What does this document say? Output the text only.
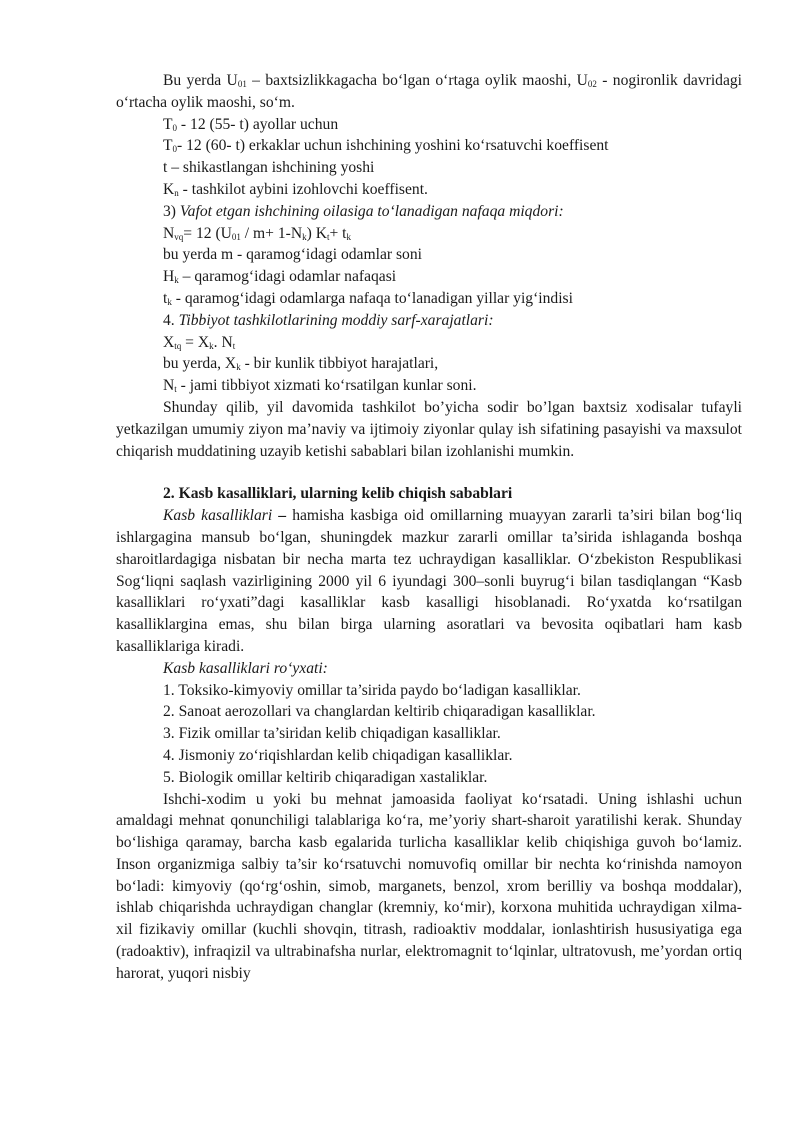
Bu yerda $U_{01}$ – baxtsizlikkagacha bo‘lgan o‘rtaga oylik maoshi, $U_{02}$ - nogironlik davridagi o‘rtacha oylik maoshi, so‘m.
$T_0 - 12$ (55- t) ayollar uchun
$T_0-$ 12 (60- t) erkaklar uchun ishchining yoshini ko‘rsatuvchi koeffisent
t – shikastlangan ishchining yoshi
$K_n$ - tashkilot aybini izohlovchi koeffisent.
3) Vafot etgan ishchining oilasiga to‘lanadigan nafaqa miqdori:
$N_{vq}= 12$ $(U_{01} / m+ 1-N_k)$ $K_t+ t_k$
bu yerda m - qaramog‘idagi odamlar soni
$H_k$ – qaramog‘idagi odamlar nafaqasi
$t_k$ - qaramog‘idagi odamlarga nafaqa to‘lanadigan yillar yig‘indisi
4. Tibbiyot tashkilotlarining moddiy sarf-xarajatlari:
$X_{tq} = X_k$. $N_t$
bu yerda, $X_k$ - bir kunlik tibbiyot harajatlari,
$N_t$ - jami tibbiyot xizmati ko‘rsatilgan kunlar soni.
Shunday qilib, yil davomida tashkilot bo’yicha sodir bo’lgan baxtsiz xodisalar tufayli yetkazilgan umumiy ziyon ma’naviy va ijtimoiy ziyonlar qulay ish sifatining pasayishi va maxsulot chiqarish muddatining uzayib ketishi sabablari bilan izohlanishi mumkin.
2. Kasb kasalliklari, ularning kelib chiqish sabablari
Kasb kasalliklari – hamisha kasbiga oid omillarning muayyan zararli ta’siri bilan bog‘liq ishlargagina mansub bo‘lgan, shuningdek mazkur zararli omillar ta’sirida ishlaganda boshqa sharoitlardagiga nisbatan bir necha marta tez uchraydigan kasalliklar. O‘zbekiston Respublikasi Sog‘liqni saqlash vazirligining 2000 yil 6 iyundagi 300–sonli buyrug‘i bilan tasdiqlangan “Kasb kasalliklari ro‘yxati”dagi kasalliklar kasb kasalligi hisoblanadi. Ro‘yxatda ko‘rsatilgan kasalliklargina emas, shu bilan birga ularning asoratlari va bevosita oqibatlari ham kasb kasalliklariga kiradi.
Kasb kasalliklari ro‘yxati:
1. Toksiko-kimyoviy omillar ta’sirida paydo bo‘ladigan kasalliklar.
2. Sanoat aerozollari va changlardan keltirib chiqaradigan kasalliklar.
3. Fizik omillar ta’siridan kelib chiqadigan kasalliklar.
4. Jismoniy zo‘riqishlardan kelib chiqadigan kasalliklar.
5. Biologik omillar keltirib chiqaradigan xastaliklar.
Ishchi-xodim u yoki bu mehnat jamoasida faoliyat ko‘rsatadi. Uning ishlashi uchun amaldagi mehnat qonunchiligi talablariga ko‘ra, me’yoriy shart-sharoit yaratilishi kerak. Shunday bo‘lishiga qaramay, barcha kasb egalarida turlicha kasalliklar kelib chiqishiga guvoh bo‘lamiz. Inson organizmiga salbiy ta’sir ko‘rsatuvchi nomuvofiq omillar bir nechta ko‘rinishda namoyon bo‘ladi: kimyoviy (qo‘rg‘oshin, simob, marganets, benzol, xrom berilliy va boshqa moddalar), ishlab chiqarishda uchraydigan changlar (kremniy, ko‘mir), korxona muhitida uchraydigan xilma-xil fizikaviy omillar (kuchli shovqin, titrash, radioaktiv moddalar, ionlashtirish hususiyatiga ega (radoaktiv), infraqizil va ultrabinafsha nurlar, elektromagnit to‘lqinlar, ultratovush, me’yordan ortiq harorat, yuqori nisbiy
